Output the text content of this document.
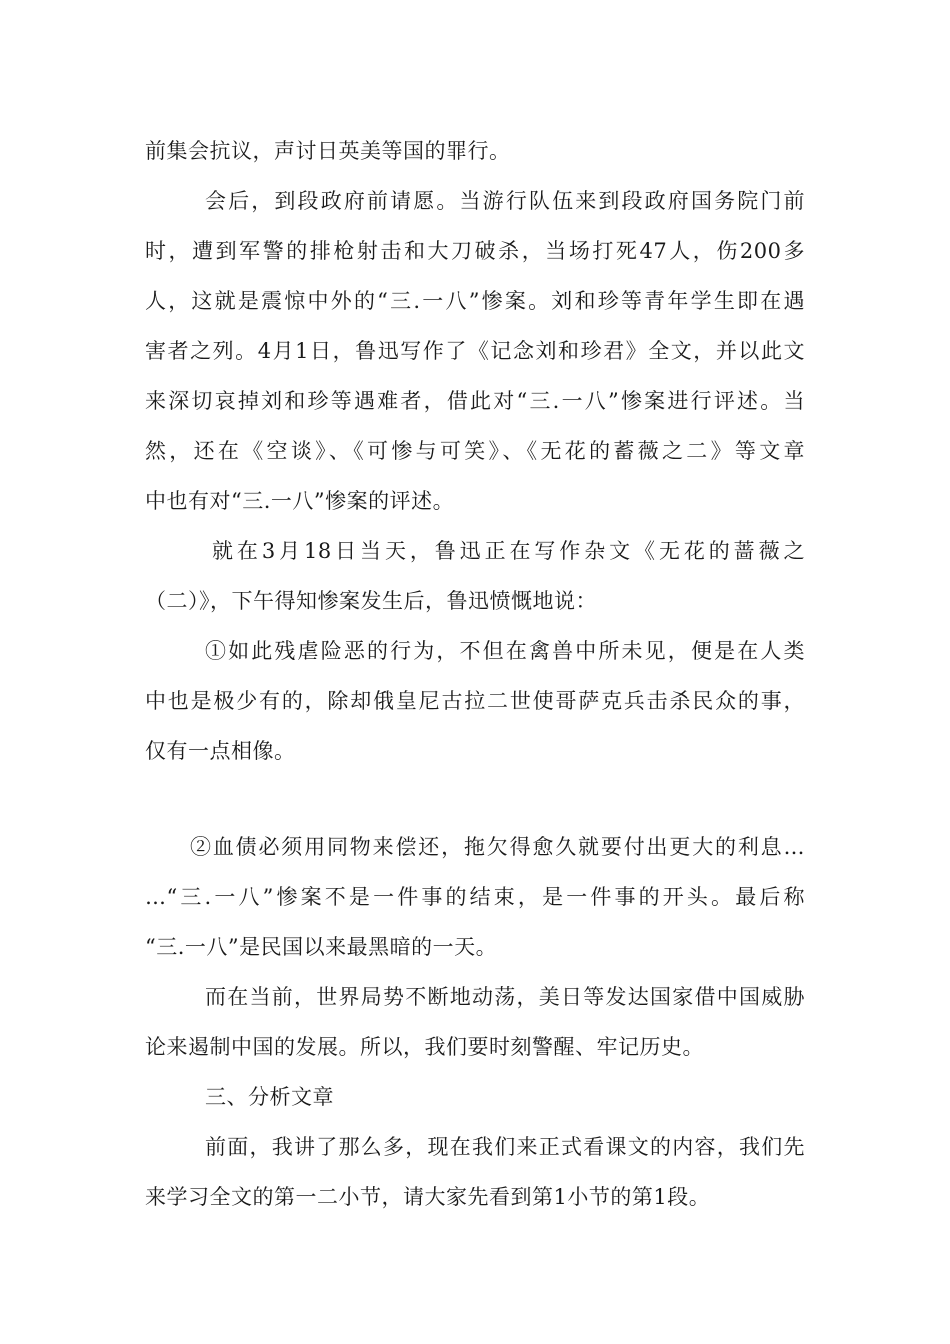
前集会抗议，声讨日英美等国的罪行。
会后，到段政府前请愿。当游行队伍来到段政府国务院门前
时，遭到军警的排枪射击和大刀破杀，当场打死47人，伤200多
人，这就是震惊中外的“三.一八”惨案。刘和珍等青年学生即在遇
害者之列。4月1日，鲁迅写作了《记念刘和珍君》全文，并以此文
来深切哀掉刘和珍等遇难者，借此对“三.一八”惨案进行评述。当
然，还在《空谈》、《可惨与可笑》、《无花的蓄薇之二》等文章
中也有对“三.一八”惨案的评述。
就在3月18日当天，鲁迅正在写作杂文《无花的蔷薇之
（二）》，下午得知惨案发生后，鲁迅愤慨地说：
①如此残虐险恶的行为，不但在禽兽中所未见，便是在人类
中也是极少有的，除却俄皇尼古拉二世使哥萨克兵击杀民众的事，
仅有一点相像。
②血债必须用同物来偿还，拖欠得愈久就要付出更大的利息…
…“三.一八”惨案不是一件事的结束，是一件事的开头。最后称
“三.一八”是民国以来最黑暗的一天。
而在当前，世界局势不断地动荡，美日等发达国家借中国威胁
论来遏制中国的发展。所以，我们要时刻警醒、牢记历史。
三、分析文章
前面，我讲了那么多，现在我们来正式看课文的内容，我们先
来学习全文的第一二小节，请大家先看到第1小节的第1段。
